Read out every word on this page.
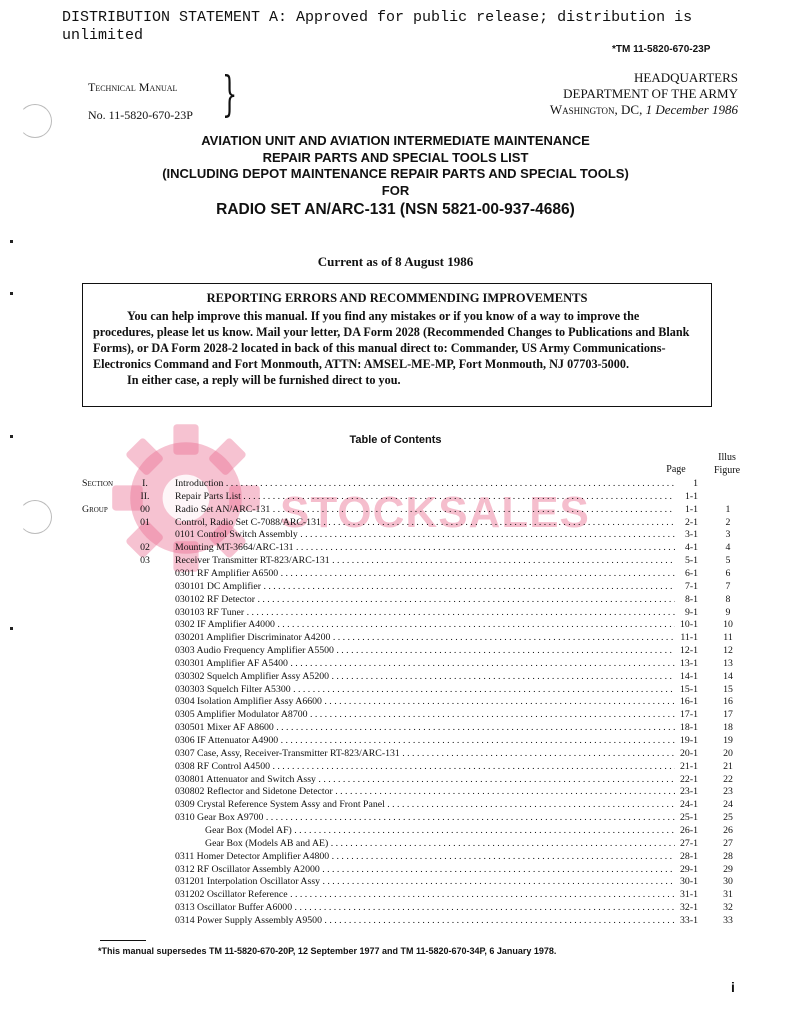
STOCKSALES
DISTRIBUTION STATEMENT A: Approved for public release; distribution is unlimited
*TM 11-5820-670-23P
Technical Manual
No. 11-5820-670-23P }	HEADQUARTERS
DEPARTMENT OF THE ARMY
Washington, DC, 1 December 1986
AVIATION UNIT AND AVIATION INTERMEDIATE MAINTENANCE
REPAIR PARTS AND SPECIAL TOOLS LIST
(INCLUDING DEPOT MAINTENANCE REPAIR PARTS AND SPECIAL TOOLS)
FOR
RADIO SET AN/ARC-131 (NSN 5821-00-937-4686)
Current as of 8 August 1986
REPORTING ERRORS AND RECOMMENDING IMPROVEMENTS
You can help improve this manual. If you find any mistakes or if you know of a way to improve the procedures, please let us know. Mail your letter, DA Form 2028 (Recommended Changes to Publications and Blank Forms), or DA Form 2028-2 located in back of this manual direct to: Commander, US Army Communications-Electronics Command and Fort Monmouth, ATTN: AMSEL-ME-MP, Fort Monmouth, NJ 07703-5000.
In either case, a reply will be furnished direct to you.
Table of Contents
Illus Figure
Page
Section	I.	Introduction . . .	1
II.	Repair Parts List . . .	1-1
Group	00	Radio Set AN/ARC-131 . . .	1-1	1
01	Control, Radio Set C-7088/ARC-131 . . .	2-1	2
0101 Control Switch Assembly . . .	3-1	3
02	Mounting MT-3664/ARC-131 . . .	4-1	4
03	Receiver Transmitter RT-823/ARC-131 . . .	5-1	5
0301 RF Amplifier A6500 . . .	6-1	6
030101 DC Amplifier . . .	7-1	7
030102 RF Detector . . .	8-1	8
030103 RF Tuner . . .	9-1	9
0302 IF Amplifier A4000 . . .	10-1	10
030201 Amplifier Discriminator A4200 . . .	11-1	11
0303 Audio Frequency Amplifier A5500 . . .	12-1	12
030301 Amplifier AF A5400 . . .	13-1	13
030302 Squelch Amplifier Assy A5200 . . .	14-1	14
030303 Squelch Filter A5300 . . .	15-1	15
0304 Isolation Amplifier Assy A6600 . . .	16-1	16
0305 Amplifier Modulator A8700 . . .	17-1	17
030501 Mixer AF A8600 . . .	18-1	18
0306 IF Attenuator A4900 . . .	19-1	19
0307 Case, Assy, Receiver-Transmitter RT-823/ARC-131 . . .	20-1	20
0308 RF Control A4500 . . .	21-1	21
030801 Attenuator and Switch Assy . . .	22-1	22
030802 Reflector and Sidetone Detector . . .	23-1	23
0309 Crystal Reference System Assy and Front Panel . . .	24-1	24
0310 Gear Box A9700 . . .	25-1	25
Gear Box (Model AF) . . .	26-1	26
Gear Box (Models AB and AE) . . .	27-1	27
0311 Homer Detector Amplifier A4800 . . .	28-1	28
0312 RF Oscillator Assembly A2000 . . .	29-1	29
031201 Interpolation Oscillator Assy . . .	30-1	30
031202 Oscillator Reference . . .	31-1	31
0313 Oscillator Buffer A6000 . . .	32-1	32
0314 Power Supply Assembly A9500 . . .	33-1	33
*This manual supersedes TM 11-5820-670-20P, 12 September 1977 and TM 11-5820-670-34P, 6 January 1978.
i
